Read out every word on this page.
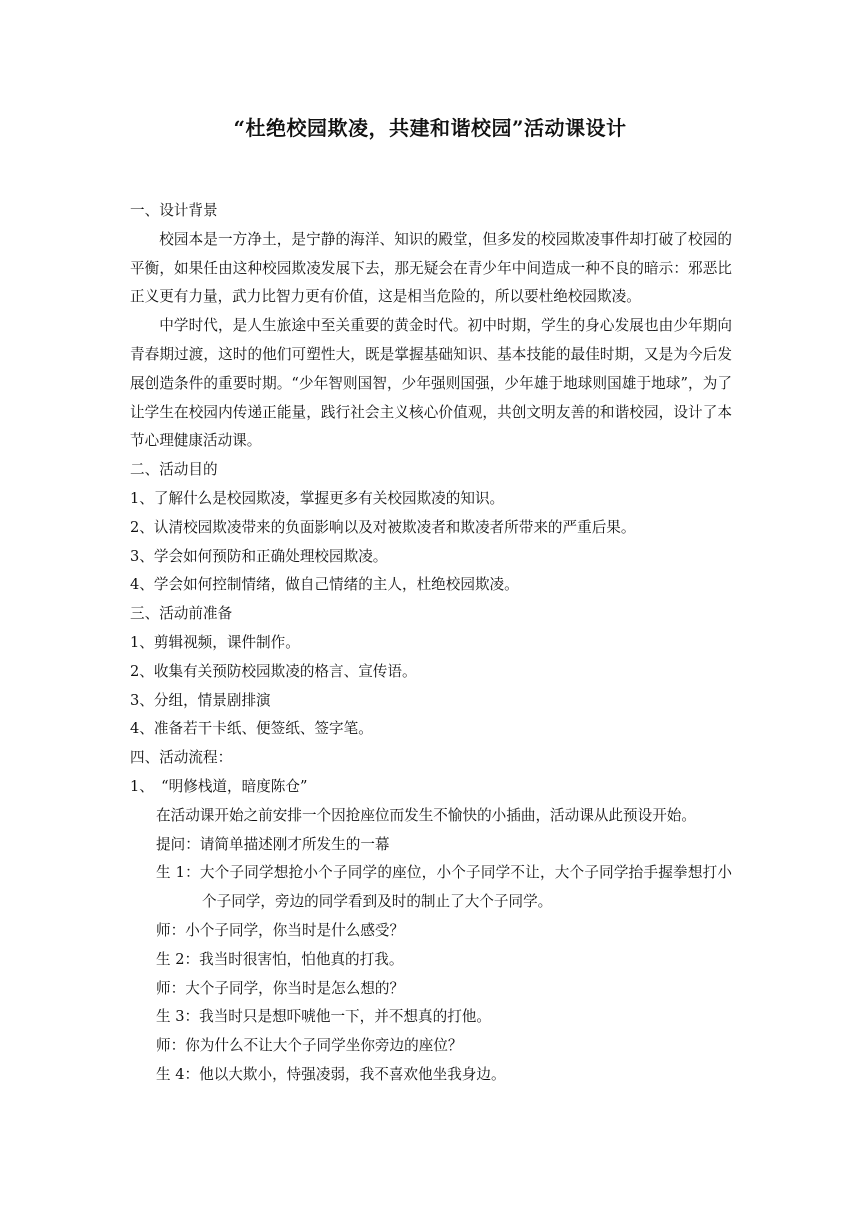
“杜绝校园欺凌，共建和谐校园”活动课设计

一、设计背景

校园本是一方净土，是宁静的海洋、知识的殿堂，但多发的校园欺凌事件却打破了校园的平衡，如果任由这种校园欺凌发展下去，那无疑会在青少年中间造成一种不良的暗示：邪恶比正义更有力量，武力比智力更有价值，这是相当危险的，所以要杜绝校园欺凌。

中学时代，是人生旅途中至关重要的黄金时代。初中时期，学生的身心发展也由少年期向青春期过渡，这时的他们可塑性大，既是掌握基础知识、基本技能的最佳时期，又是为今后发展创造条件的重要时期。“少年智则国智，少年强则国强，少年雄于地球则国雄于地球”，为了让学生在校园内传递正能量，践行社会主义核心价值观，共创文明友善的和谐校园，设计了本节心理健康活动课。

二、活动目的

1、了解什么是校园欺凌，掌握更多有关校园欺凌的知识。

2、认清校园欺凌带来的负面影响以及对被欺凌者和欺凌者所带来的严重后果。

3、学会如何预防和正确处理校园欺凌。

4、学会如何控制情绪，做自己情绪的主人，杜绝校园欺凌。

三、活动前准备

1、剪辑视频，课件制作。

2、收集有关预防校园欺凌的格言、宣传语。

3、分组，情景剧排演

4、准备若干卡纸、便签纸、签字笔。

四、活动流程：

1、　“明修栈道，暗度陈仓”

在活动课开始之前安排一个因抢座位而发生不愉快的小插曲，活动课从此预设开始。

提问：请简单描述刚才所发生的一幕

生 1：大个子同学想抢小个子同学的座位，小个子同学不让，大个子同学抬手握拳想打小个子同学，旁边的同学看到及时的制止了大个子同学。

师：小个子同学，你当时是什么感受？

生 2：我当时很害怕，怕他真的打我。

师：大个子同学，你当时是怎么想的？

生 3：我当时只是想吓唬他一下，并不想真的打他。

师：你为什么不让大个子同学坐你旁边的座位？

生 4：他以大欺小，恃强凌弱，我不喜欢他坐我身边。
